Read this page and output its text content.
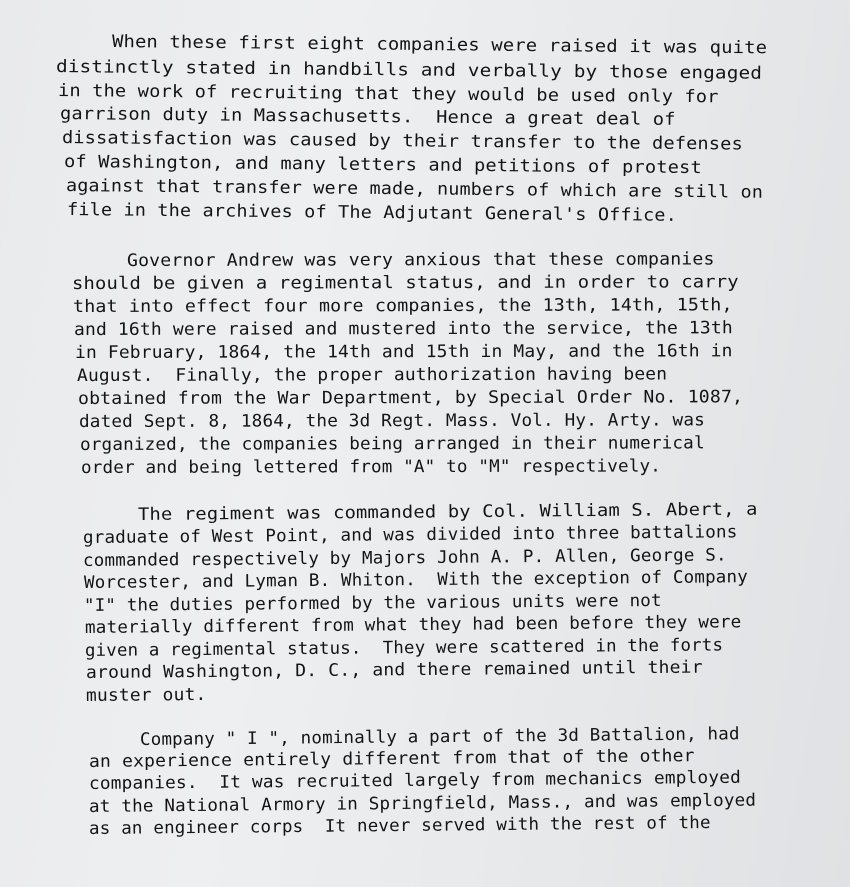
When these first eight companies were raised it was quite
distinctly stated in handbills and verbally by those engaged
in the work of recruiting that they would be used only for
garrison duty in Massachusetts.  Hence a great deal of
dissatisfaction was caused by their transfer to the defenses
of Washington, and many letters and petitions of protest
against that transfer were made, numbers of which are still on
file in the archives of The Adjutant General's Office.
Governor Andrew was very anxious that these companies
should be given a regimental status, and in order to carry
that into effect four more companies, the 13th, 14th, 15th,
and 16th were raised and mustered into the service, the 13th
in February, 1864, the 14th and 15th in May, and the 16th in
August.  Finally, the proper authorization having been
obtained from the War Department, by Special Order No. 1087,
dated Sept. 8, 1864, the 3d Regt. Mass. Vol. Hy. Arty. was
organized, the companies being arranged in their numerical
order and being lettered from "A" to "M" respectively.
The regiment was commanded by Col. William S. Abert, a
graduate of West Point, and was divided into three battalions
commanded respectively by Majors John A. P. Allen, George S.
Worcester, and Lyman B. Whiton.  With the exception of Company
"I" the duties performed by the various units were not
materially different from what they had been before they were
given a regimental status.  They were scattered in the forts
around Washington, D. C., and there remained until their
muster out.
Company " I ", nominally a part of the 3d Battalion, had
an experience entirely different from that of the other
companies.  It was recruited largely from mechanics employed
at the National Armory in Springfield, Mass., and was employed
as an engineer corps  It never served with the rest of the
